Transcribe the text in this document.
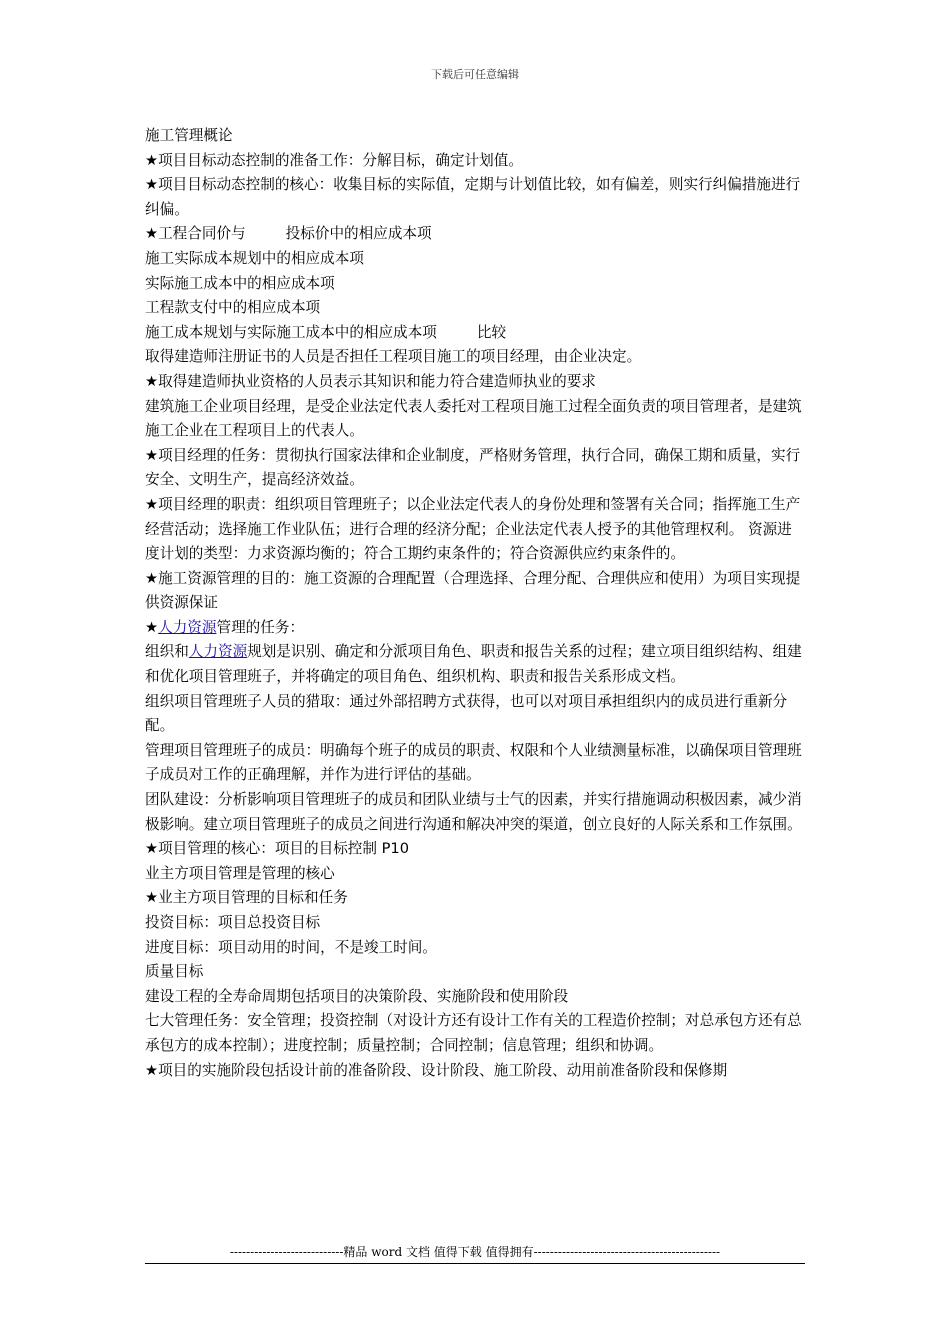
下载后可任意编辑

施工管理概论

★项目目标动态控制的准备工作：分解目标，确定计划值。

★项目目标动态控制的核心：收集目标的实际值，定期与计划值比较，如有偏差，则实行纠偏措施进行纠偏。

★工程合同价与	投标价中的相应成本项

施工实际成本规划中的相应成本项

实际施工成本中的相应成本项

工程款支付中的相应成本项

施工成本规划与实际施工成本中的相应成本项	比较

取得建造师注册证书的人员是否担任工程项目施工的项目经理，由企业决定。

★取得建造师执业资格的人员表示其知识和能力符合建造师执业的要求

建筑施工企业项目经理，是受企业法定代表人委托对工程项目施工过程全面负责的项目管理者，是建筑施工企业在工程项目上的代表人。

★项目经理的任务：贯彻执行国家法律和企业制度，严格财务管理，执行合同，确保工期和质量，实行安全、文明生产，提高经济效益。

★项目经理的职责：组织项目管理班子；以企业法定代表人的身份处理和签署有关合同；指挥施工生产经营活动；选择施工作业队伍；进行合理的经济分配；企业法定代表人授予的其他管理权利。 资源进度计划的类型：力求资源均衡的；符合工期约束条件的；符合资源供应约束条件的。

★施工资源管理的目的：施工资源的合理配置（合理选择、合理分配、合理供应和使用）为项目实现提供资源保证

★人力资源管理的任务：

组织和人力资源规划是识别、确定和分派项目角色、职责和报告关系的过程；建立项目组织结构、组建和优化项目管理班子，并将确定的项目角色、组织机构、职责和报告关系形成文档。

组织项目管理班子人员的猎取：通过外部招聘方式获得，也可以对项目承担组织内的成员进行重新分配。

管理项目管理班子的成员：明确每个班子的成员的职责、权限和个人业绩测量标准，以确保项目管理班子成员对工作的正确理解，并作为进行评估的基础。

团队建设：分析影响项目管理班子的成员和团队业绩与士气的因素，并实行措施调动积极因素，减少消极影响。建立项目管理班子的成员之间进行沟通和解决冲突的渠道，创立良好的人际关系和工作氛围。

★项目管理的核心：项目的目标控制 P10

业主方项目管理是管理的核心

★业主方项目管理的目标和任务

投资目标：项目总投资目标

进度目标：项目动用的时间，不是竣工时间。

质量目标

建设工程的全寿命周期包括项目的决策阶段、实施阶段和使用阶段

七大管理任务：安全管理；投资控制（对设计方还有设计工作有关的工程造价控制；对总承包方还有总承包方的成本控制）；进度控制；质量控制；合同控制；信息管理；组织和协调。

★项目的实施阶段包括设计前的准备阶段、设计阶段、施工阶段、动用前准备阶段和保修期

----------------------------精品 word 文档 值得下载 值得拥有----------------------------------------------
